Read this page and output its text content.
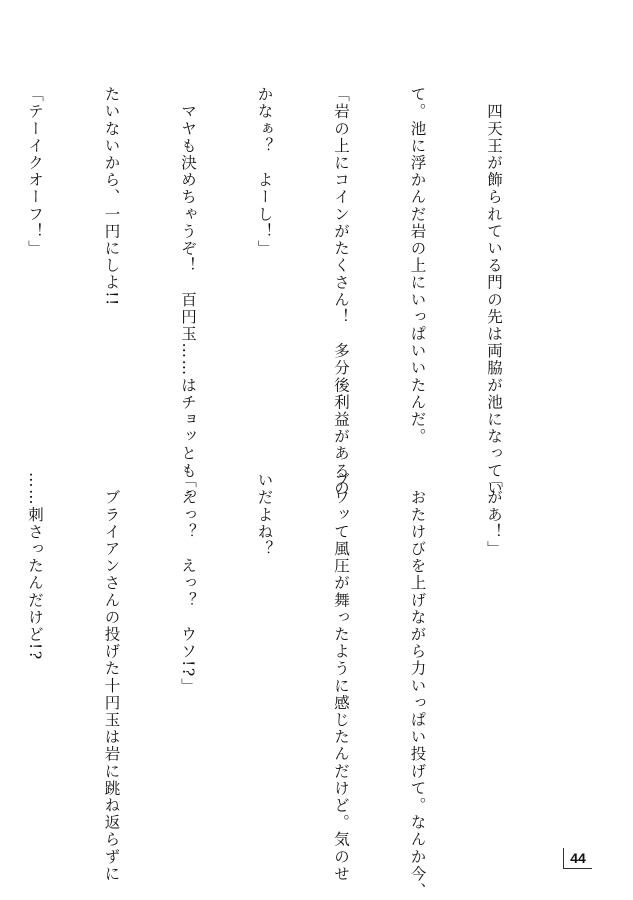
　四天王が飾られている門の先は両脇が池になってい

て。池に浮かんだ岩の上にいっぱいいたんだ。

「岩の上にコインがたくさん！　多分後利益があるの

かなぁ？　よーし！」

　マヤも決めちゃうぞ！　百円玉……はチョッとも っ

たいないから、一円にしよ!!

「テーイクオーフ！」

「があ！」

　おたけびを上げながら力いっぱい投げて。なんか今、

ブワッて風圧が舞ったように感じたんだけど。気のせ

いだよね？

「えっ？　えっ？　ウソ!?」

　ブライアンさんの投げた十円玉は岩に跳ね返らずに

……刺さったんだけど!?

44
